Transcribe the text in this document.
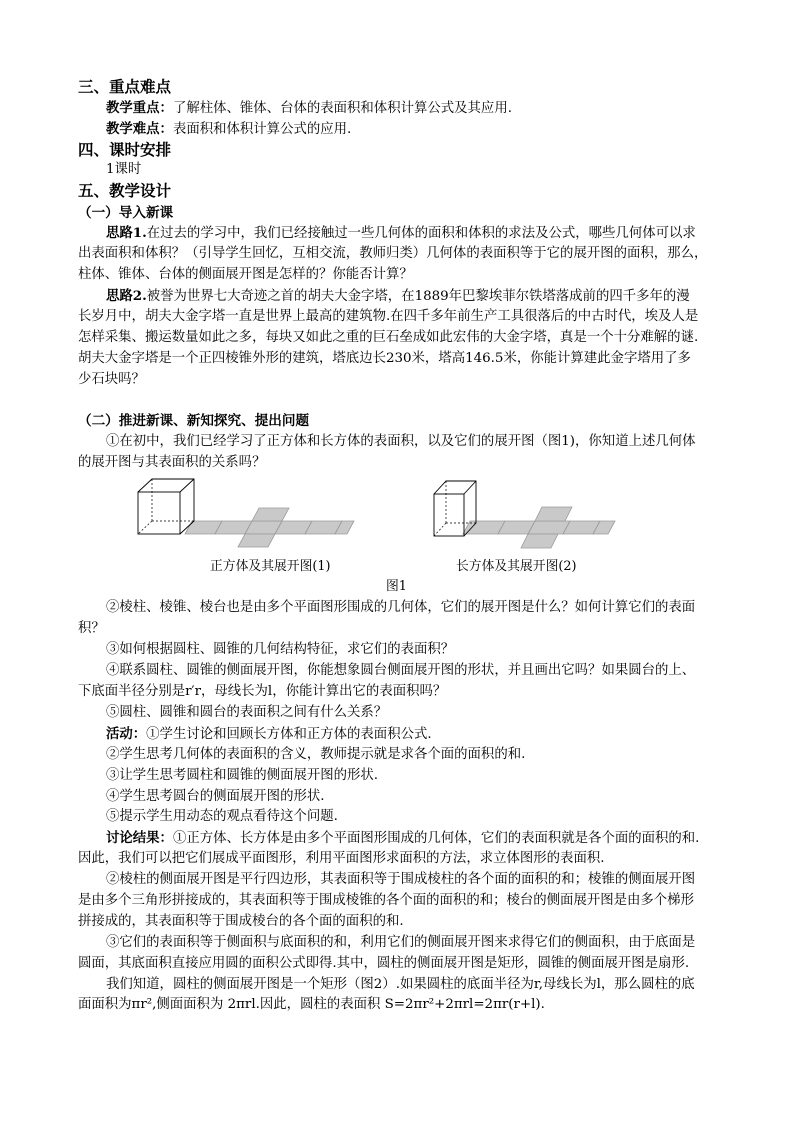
三、重点难点
教学重点：了解柱体、锥体、台体的表面积和体积计算公式及其应用.
教学难点：表面积和体积计算公式的应用.
四、课时安排
1课时
五、教学设计
（一）导入新课
思路1.在过去的学习中，我们已经接触过一些几何体的面积和体积的求法及公式，哪些几何体可以求
出表面积和体积？（引导学生回忆，互相交流，教师归类）几何体的表面积等于它的展开图的面积，那么，
柱体、锥体、台体的侧面展开图是怎样的？你能否计算？
思路2.被誉为世界七大奇迹之首的胡夫大金字塔，在1889年巴黎埃菲尔铁塔落成前的四千多年的漫
长岁月中，胡夫大金字塔一直是世界上最高的建筑物.在四千多年前生产工具很落后的中古时代，埃及人是
怎样采集、搬运数量如此之多，每块又如此之重的巨石垒成如此宏伟的大金字塔，真是一个十分难解的谜.
胡夫大金字塔是一个正四棱锥外形的建筑，塔底边长230米，塔高146.5米，你能计算建此金字塔用了多
少石块吗？
（二）推进新课、新知探究、提出问题
①在初中，我们已经学习了正方体和长方体的表面积，以及它们的展开图（图1)，你知道上述几何体
的展开图与其表面积的关系吗？
正方体及其展开图(1)	长方体及其展开图(2)
图1
②棱柱、棱锥、棱台也是由多个平面图形围成的几何体，它们的展开图是什么？如何计算它们的表面
积？
③如何根据圆柱、圆锥的几何结构特征，求它们的表面积？
④联系圆柱、圆锥的侧面展开图，你能想象圆台侧面展开图的形状，并且画出它吗？如果圆台的上、
下底面半径分别是r′r，母线长为l，你能计算出它的表面积吗？
⑤圆柱、圆锥和圆台的表面积之间有什么关系？
活动：①学生讨论和回顾长方体和正方体的表面积公式.
②学生思考几何体的表面积的含义，教师提示就是求各个面的面积的和.
③让学生思考圆柱和圆锥的侧面展开图的形状.
④学生思考圆台的侧面展开图的形状.
⑤提示学生用动态的观点看待这个问题.
讨论结果：①正方体、长方体是由多个平面图形围成的几何体，它们的表面积就是各个面的面积的和.
因此，我们可以把它们展成平面图形，利用平面图形求面积的方法，求立体图形的表面积.
②棱柱的侧面展开图是平行四边形，其表面积等于围成棱柱的各个面的面积的和；棱锥的侧面展开图
是由多个三角形拼接成的，其表面积等于围成棱锥的各个面的面积的和；棱台的侧面展开图是由多个梯形
拼接成的，其表面积等于围成棱台的各个面的面积的和.
③它们的表面积等于侧面积与底面积的和，利用它们的侧面展开图来求得它们的侧面积，由于底面是
圆面，其底面积直接应用圆的面积公式即得.其中，圆柱的侧面展开图是矩形，圆锥的侧面展开图是扇形.
我们知道，圆柱的侧面展开图是一个矩形（图2）.如果圆柱的底面半径为r,母线长为l，那么圆柱的底
面面积为πr²,侧面面积为 2πrl.因此，圆柱的表面积 S=2πr²+2πrl=2πr(r+l).
